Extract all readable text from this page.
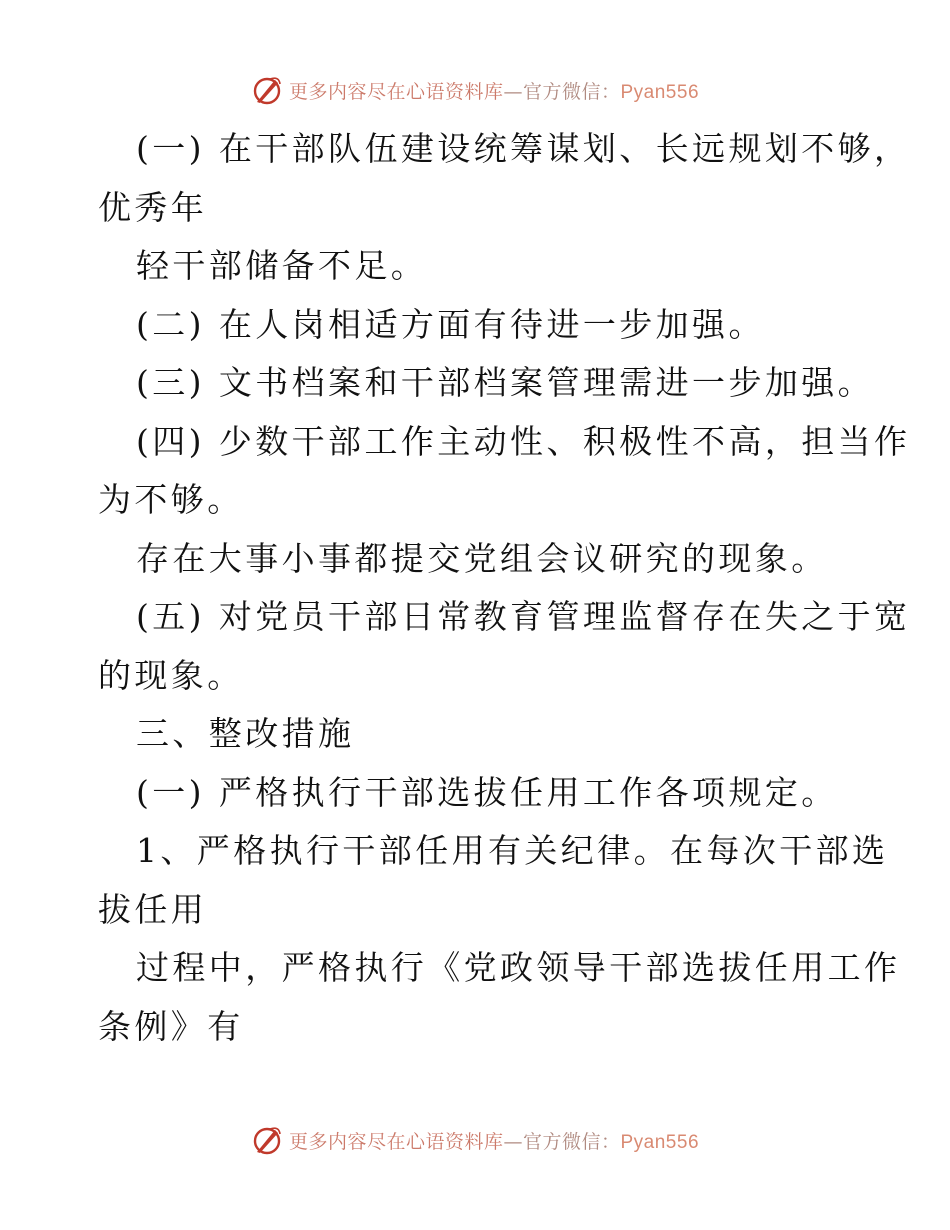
更多内容尽在心语资料库—官方微信：Pyan556
(一) 在干部队伍建设统筹谋划、长远规划不够，
优秀年
轻干部储备不足。
(二) 在人岗相适方面有待进一步加强。
(三) 文书档案和干部档案管理需进一步加强。
(四) 少数干部工作主动性、积极性不高，担当作
为不够。
存在大事小事都提交党组会议研究的现象。
(五) 对党员干部日常教育管理监督存在失之于宽
的现象。
三、整改措施
(一) 严格执行干部选拔任用工作各项规定。
1、严格执行干部任用有关纪律。在每次干部选
拔任用
过程中，严格执行《党政领导干部选拔任用工作
条例》有
更多内容尽在心语资料库—官方微信：Pyan556
